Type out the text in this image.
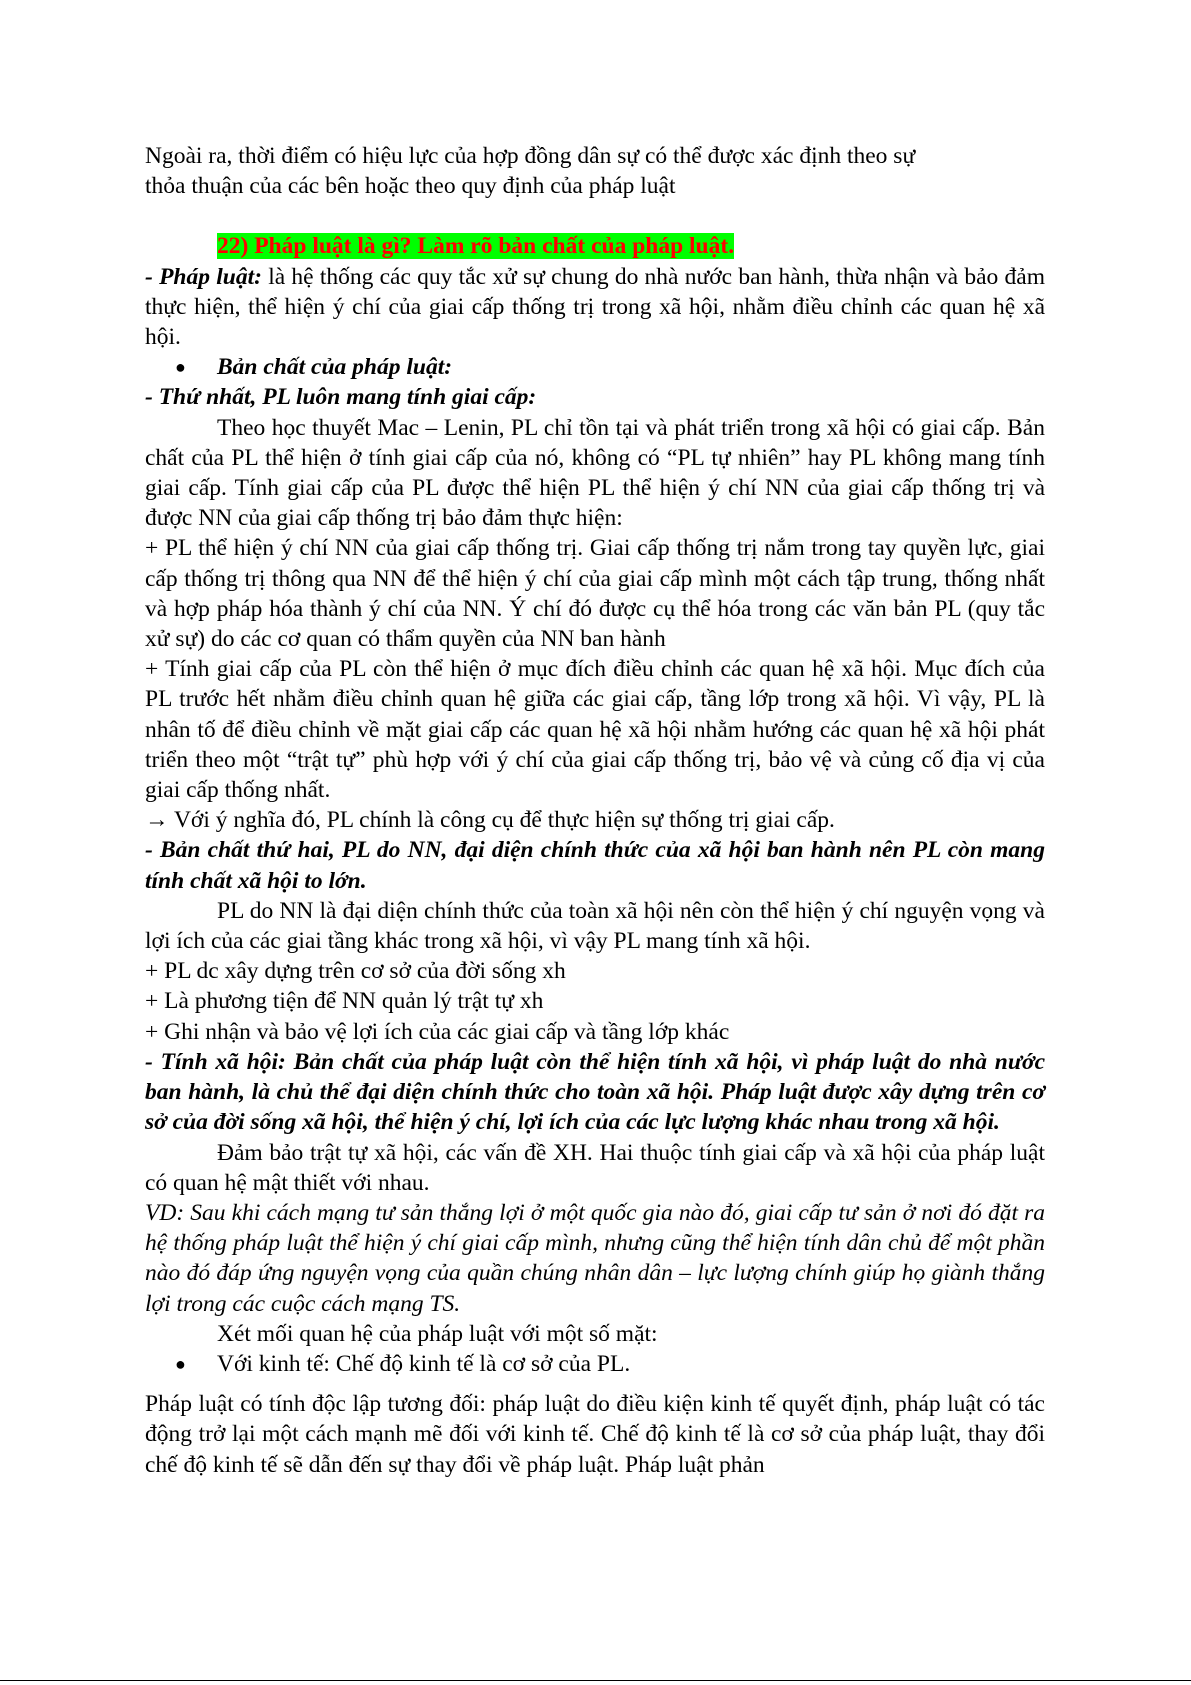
Ngoài ra, thời điểm có hiệu lực của hợp đồng dân sự có thể được xác định theo sự

thỏa thuận của các bên hoặc theo quy định của pháp luật

22) Pháp luật là gì? Làm rõ bản chất của pháp luật.

- Pháp luật: là hệ thống các quy tắc xử sự chung do nhà nước ban hành, thừa nhận và bảo đảm thực hiện, thể hiện ý chí của giai cấp thống trị trong xã hội, nhằm điều chỉnh các quan hệ xã hội.

● Bản chất của pháp luật:

- Thứ nhất, PL luôn mang tính giai cấp:

Theo học thuyết Mac – Lenin, PL chỉ tồn tại và phát triển trong xã hội có giai cấp. Bản chất của PL thể hiện ở tính giai cấp của nó, không có “PL tự nhiên” hay PL không mang tính giai cấp. Tính giai cấp của PL được thể hiện PL thể hiện ý chí NN của giai cấp thống trị và được NN của giai cấp thống trị bảo đảm thực hiện:

+ PL thể hiện ý chí NN của giai cấp thống trị. Giai cấp thống trị nắm trong tay quyền lực, giai cấp thống trị thông qua NN để thể hiện ý chí của giai cấp mình một cách tập trung, thống nhất và hợp pháp hóa thành ý chí của NN. Ý chí đó được cụ thể hóa trong các văn bản PL (quy tắc xử sự) do các cơ quan có thẩm quyền của NN ban hành

+ Tính giai cấp của PL còn thể hiện ở mục đích điều chỉnh các quan hệ xã hội. Mục đích của PL trước hết nhằm điều chỉnh quan hệ giữa các giai cấp, tầng lớp trong xã hội. Vì vậy, PL là nhân tố để điều chỉnh về mặt giai cấp các quan hệ xã hội nhằm hướng các quan hệ xã hội phát triển theo một “trật tự” phù hợp với ý chí của giai cấp thống trị, bảo vệ và củng cố địa vị của giai cấp thống nhất.

→ Với ý nghĩa đó, PL chính là công cụ để thực hiện sự thống trị giai cấp.

- Bản chất thứ hai, PL do NN, đại diện chính thức của xã hội ban hành nên PL còn mang tính chất xã hội to lớn.

PL do NN là đại diện chính thức của toàn xã hội nên còn thể hiện ý chí nguyện vọng và lợi ích của các giai tầng khác trong xã hội, vì vậy PL mang tính xã hội.

+ PL dc xây dựng trên cơ sở của đời sống xh

+ Là phương tiện để NN quản lý trật tự xh

+ Ghi nhận và bảo vệ lợi ích của các giai cấp và tầng lớp khác

- Tính xã hội: Bản chất của pháp luật còn thể hiện tính xã hội, vì pháp luật do nhà nước ban hành, là chủ thể đại diện chính thức cho toàn xã hội. Pháp luật được xây dựng trên cơ sở của đời sống xã hội, thể hiện ý chí, lợi ích của các lực lượng khác nhau trong xã hội.

Đảm bảo trật tự xã hội, các vấn đề XH. Hai thuộc tính giai cấp và xã hội của pháp luật có quan hệ mật thiết với nhau.

VD: Sau khi cách mạng tư sản thắng lợi ở một quốc gia nào đó, giai cấp tư sản ở nơi đó đặt ra hệ thống pháp luật thể hiện ý chí giai cấp mình, nhưng cũng thể hiện tính dân chủ để một phần nào đó đáp ứng nguyện vọng của quần chúng nhân dân – lực lượng chính giúp họ giành thắng lợi trong các cuộc cách mạng TS.

Xét mối quan hệ của pháp luật với một số mặt:

● Với kinh tế: Chế độ kinh tế là cơ sở của PL.

Pháp luật có tính độc lập tương đối: pháp luật do điều kiện kinh tế quyết định, pháp luật có tác động trở lại một cách mạnh mẽ đối với kinh tế. Chế độ kinh tế là cơ sở của pháp luật, thay đổi chế độ kinh tế sẽ dẫn đến sự thay đổi về pháp luật. Pháp luật phản
